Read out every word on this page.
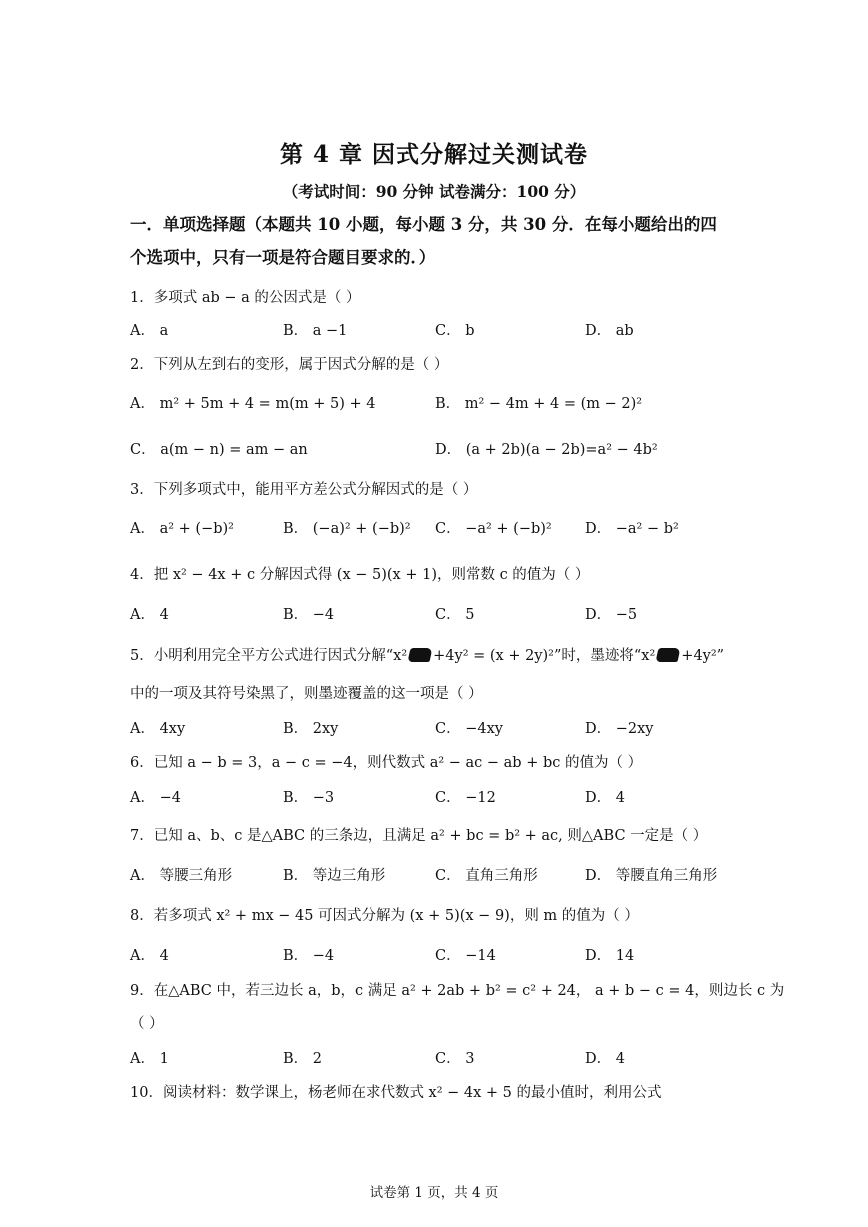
第 4 章 因式分解过关测试卷
（考试时间：90 分钟 试卷满分：100 分）
一．单项选择题（本题共 10 小题，每小题 3 分，共 30 分．在每小题给出的四
个选项中，只有一项是符合题目要求的．）
1．多项式 ab − a 的公因式是（ ）
A． a	B． a −1	C． b	D． ab
2．下列从左到右的变形，属于因式分解的是（ ）
A． m² + 5m + 4 = m(m + 5) + 4	B． m² − 4m + 4 = (m − 2)²
C． a(m − n) = am − an	D． (a + 2b)(a − 2b)=a² − 4b²
3．下列多项式中，能用平方差公式分解因式的是（ ）
A． a² + (−b)²	B． (−a)² + (−b)² C． −a² + (−b)² D． −a² − b²
4．把 x² − 4x + c 分解因式得 (x − 5)(x + 1)，则常数 c 的值为（ ）
A． 4	B． −4	C． 5	D． −5
5．小明利用完全平方公式进行因式分解“x² +4y² = (x + 2y)²”时，墨迹将“x² +4y²”
中的一项及其符号染黑了，则墨迹覆盖的这一项是（ ）
A． 4xy	B． 2xy	C． −4xy	D． −2xy
6．已知 a − b = 3，a − c = −4，则代数式 a² − ac − ab + bc 的值为（ ）
A． −4	B． −3	C． −12	D． 4
7．已知 a、b、c 是△ABC 的三条边，且满足 a² + bc = b² + ac, 则△ABC 一定是（ ）
A． 等腰三角形	B． 等边三角形	C． 直角三角形	D． 等腰直角三角形
8．若多项式 x² + mx − 45 可因式分解为 (x + 5)(x − 9)，则 m 的值为（ ）
A． 4	B． −4	C． −14	D． 14
9．在△ABC 中，若三边长 a，b，c 满足 a² + 2ab + b² = c² + 24， a + b − c = 4，则边长 c 为
（ ）
A． 1	B． 2	C． 3	D． 4
10．阅读材料：数学课上，杨老师在求代数式 x² − 4x + 5 的最小值时，利用公式
试卷第 1 页，共 4 页
